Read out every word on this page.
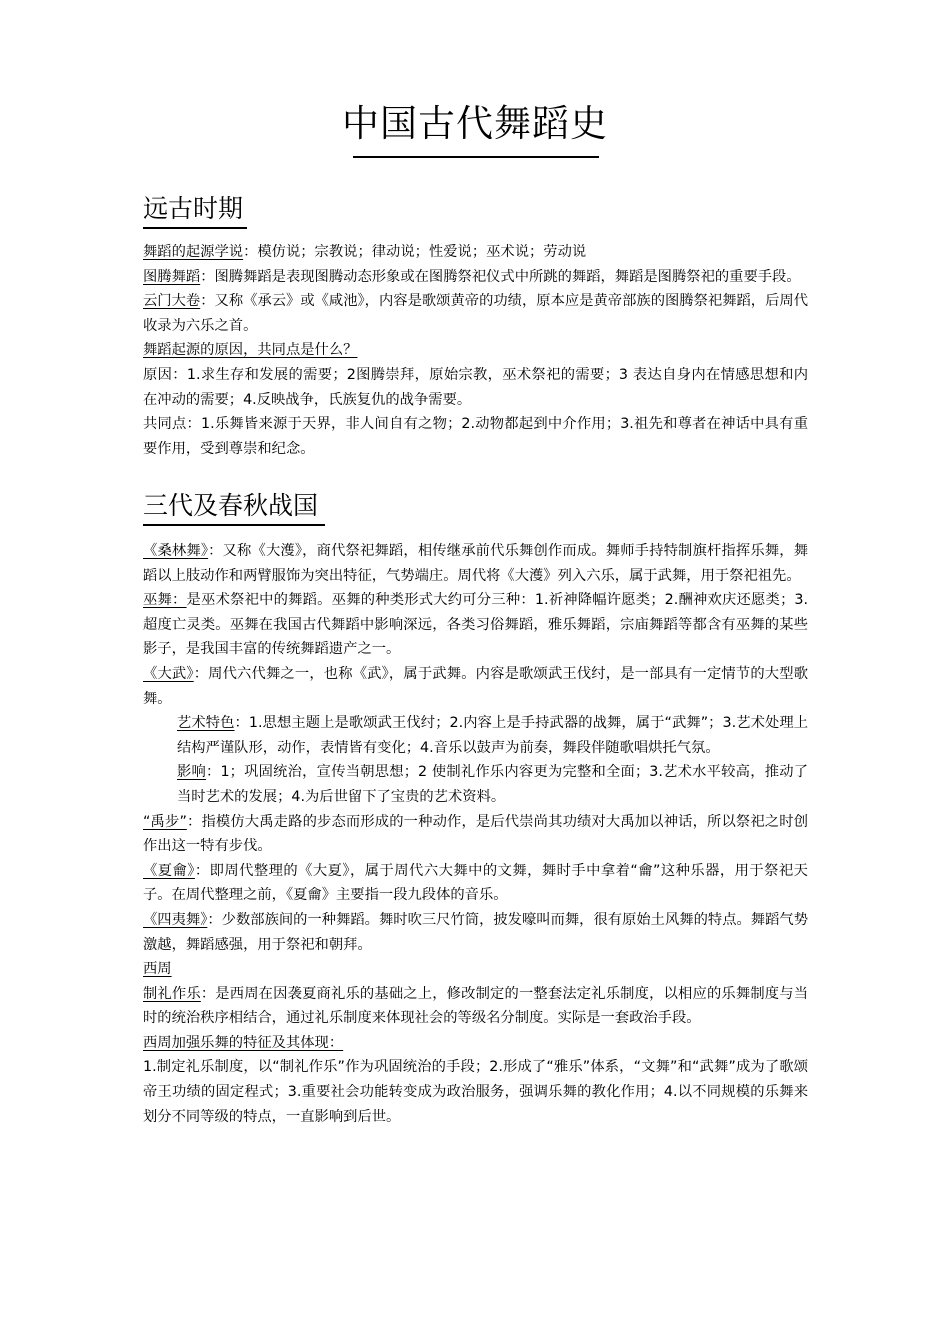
中国古代舞蹈史
远古时期

舞蹈的起源学说：模仿说；宗教说；律动说；性爱说；巫术说；劳动说

图腾舞蹈：图腾舞蹈是表现图腾动态形象或在图腾祭祀仪式中所跳的舞蹈，舞蹈是图腾祭祀的重要手段。

云门大卷：又称《承云》或《咸池》，内容是歌颂黄帝的功绩，原本应是黄帝部族的图腾祭祀舞蹈，后周代收录为六乐之首。

舞蹈起源的原因，共同点是什么？

原因：1.求生存和发展的需要；2图腾崇拜，原始宗教，巫术祭祀的需要；3 表达自身内在情感思想和内在冲动的需要；4.反映战争，氏族复仇的战争需要。

共同点：1.乐舞皆来源于天界，非人间自有之物；2.动物都起到中介作用；3.祖先和尊者在神话中具有重要作用，受到尊崇和纪念。

三代及春秋战国

《桑林舞》：又称《大濩》，商代祭祀舞蹈，相传继承前代乐舞创作而成。舞师手持特制旗杆指挥乐舞，舞蹈以上肢动作和两臂服饰为突出特征，气势端庄。周代将《大濩》列入六乐，属于武舞，用于祭祀祖先。

巫舞：是巫术祭祀中的舞蹈。巫舞的种类形式大约可分三种：1.祈神降幅许愿类；2.酬神欢庆还愿类；3.超度亡灵类。巫舞在我国古代舞蹈中影响深远，各类习俗舞蹈，雅乐舞蹈，宗庙舞蹈等都含有巫舞的某些影子，是我国丰富的传统舞蹈遗产之一。

《大武》：周代六代舞之一，也称《武》，属于武舞。内容是歌颂武王伐纣，是一部具有一定情节的大型歌舞。

艺术特色：1.思想主题上是歌颂武王伐纣；2.内容上是手持武器的战舞，属于“武舞”；3.艺术处理上结构严谨队形，动作，表情皆有变化；4.音乐以鼓声为前奏，舞段伴随歌唱烘托气氛。

影响：1；巩固统治，宣传当朝思想；2 使制礼作乐内容更为完整和全面；3.艺术水平较高，推动了当时艺术的发展；4.为后世留下了宝贵的艺术资料。

“禹步”：指模仿大禹走路的步态而形成的一种动作，是后代崇尚其功绩对大禹加以神话，所以祭祀之时创作出这一特有步伐。

《夏龠》：即周代整理的《大夏》，属于周代六大舞中的文舞，舞时手中拿着“龠”这种乐器，用于祭祀天子。在周代整理之前，《夏龠》主要指一段九段体的音乐。

《四夷舞》：少数部族间的一种舞蹈。舞时吹三尺竹筒，披发嚎叫而舞，很有原始土风舞的特点。舞蹈气势激越，舞蹈感强，用于祭祀和朝拜。

西周

制礼作乐：是西周在因袭夏商礼乐的基础之上，修改制定的一整套法定礼乐制度，以相应的乐舞制度与当时的统治秩序相结合，通过礼乐制度来体现社会的等级名分制度。实际是一套政治手段。

西周加强乐舞的特征及其体现：

1.制定礼乐制度，以“制礼作乐”作为巩固统治的手段；2.形成了“雅乐”体系，“文舞”和“武舞”成为了歌颂帝王功绩的固定程式；3.重要社会功能转变成为政治服务，强调乐舞的教化作用；4.以不同规模的乐舞来划分不同等级的特点，一直影响到后世。
